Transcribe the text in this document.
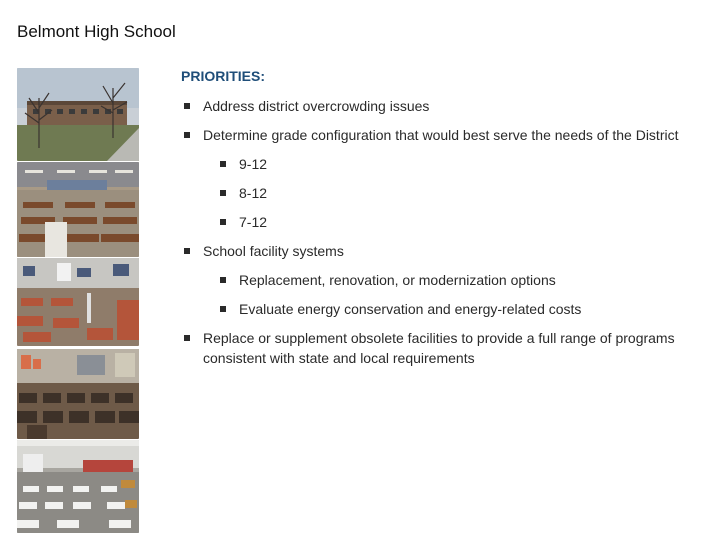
Belmont High School
PRIORITIES:
Address district overcrowding issues
Determine grade configuration that would best serve the needs of the District
9-12
8-12
7-12
School facility systems
Replacement, renovation, or modernization options
Evaluate energy conservation and energy-related costs
Replace or supplement obsolete facilities to provide a full range of programs consistent with state and local requirements
